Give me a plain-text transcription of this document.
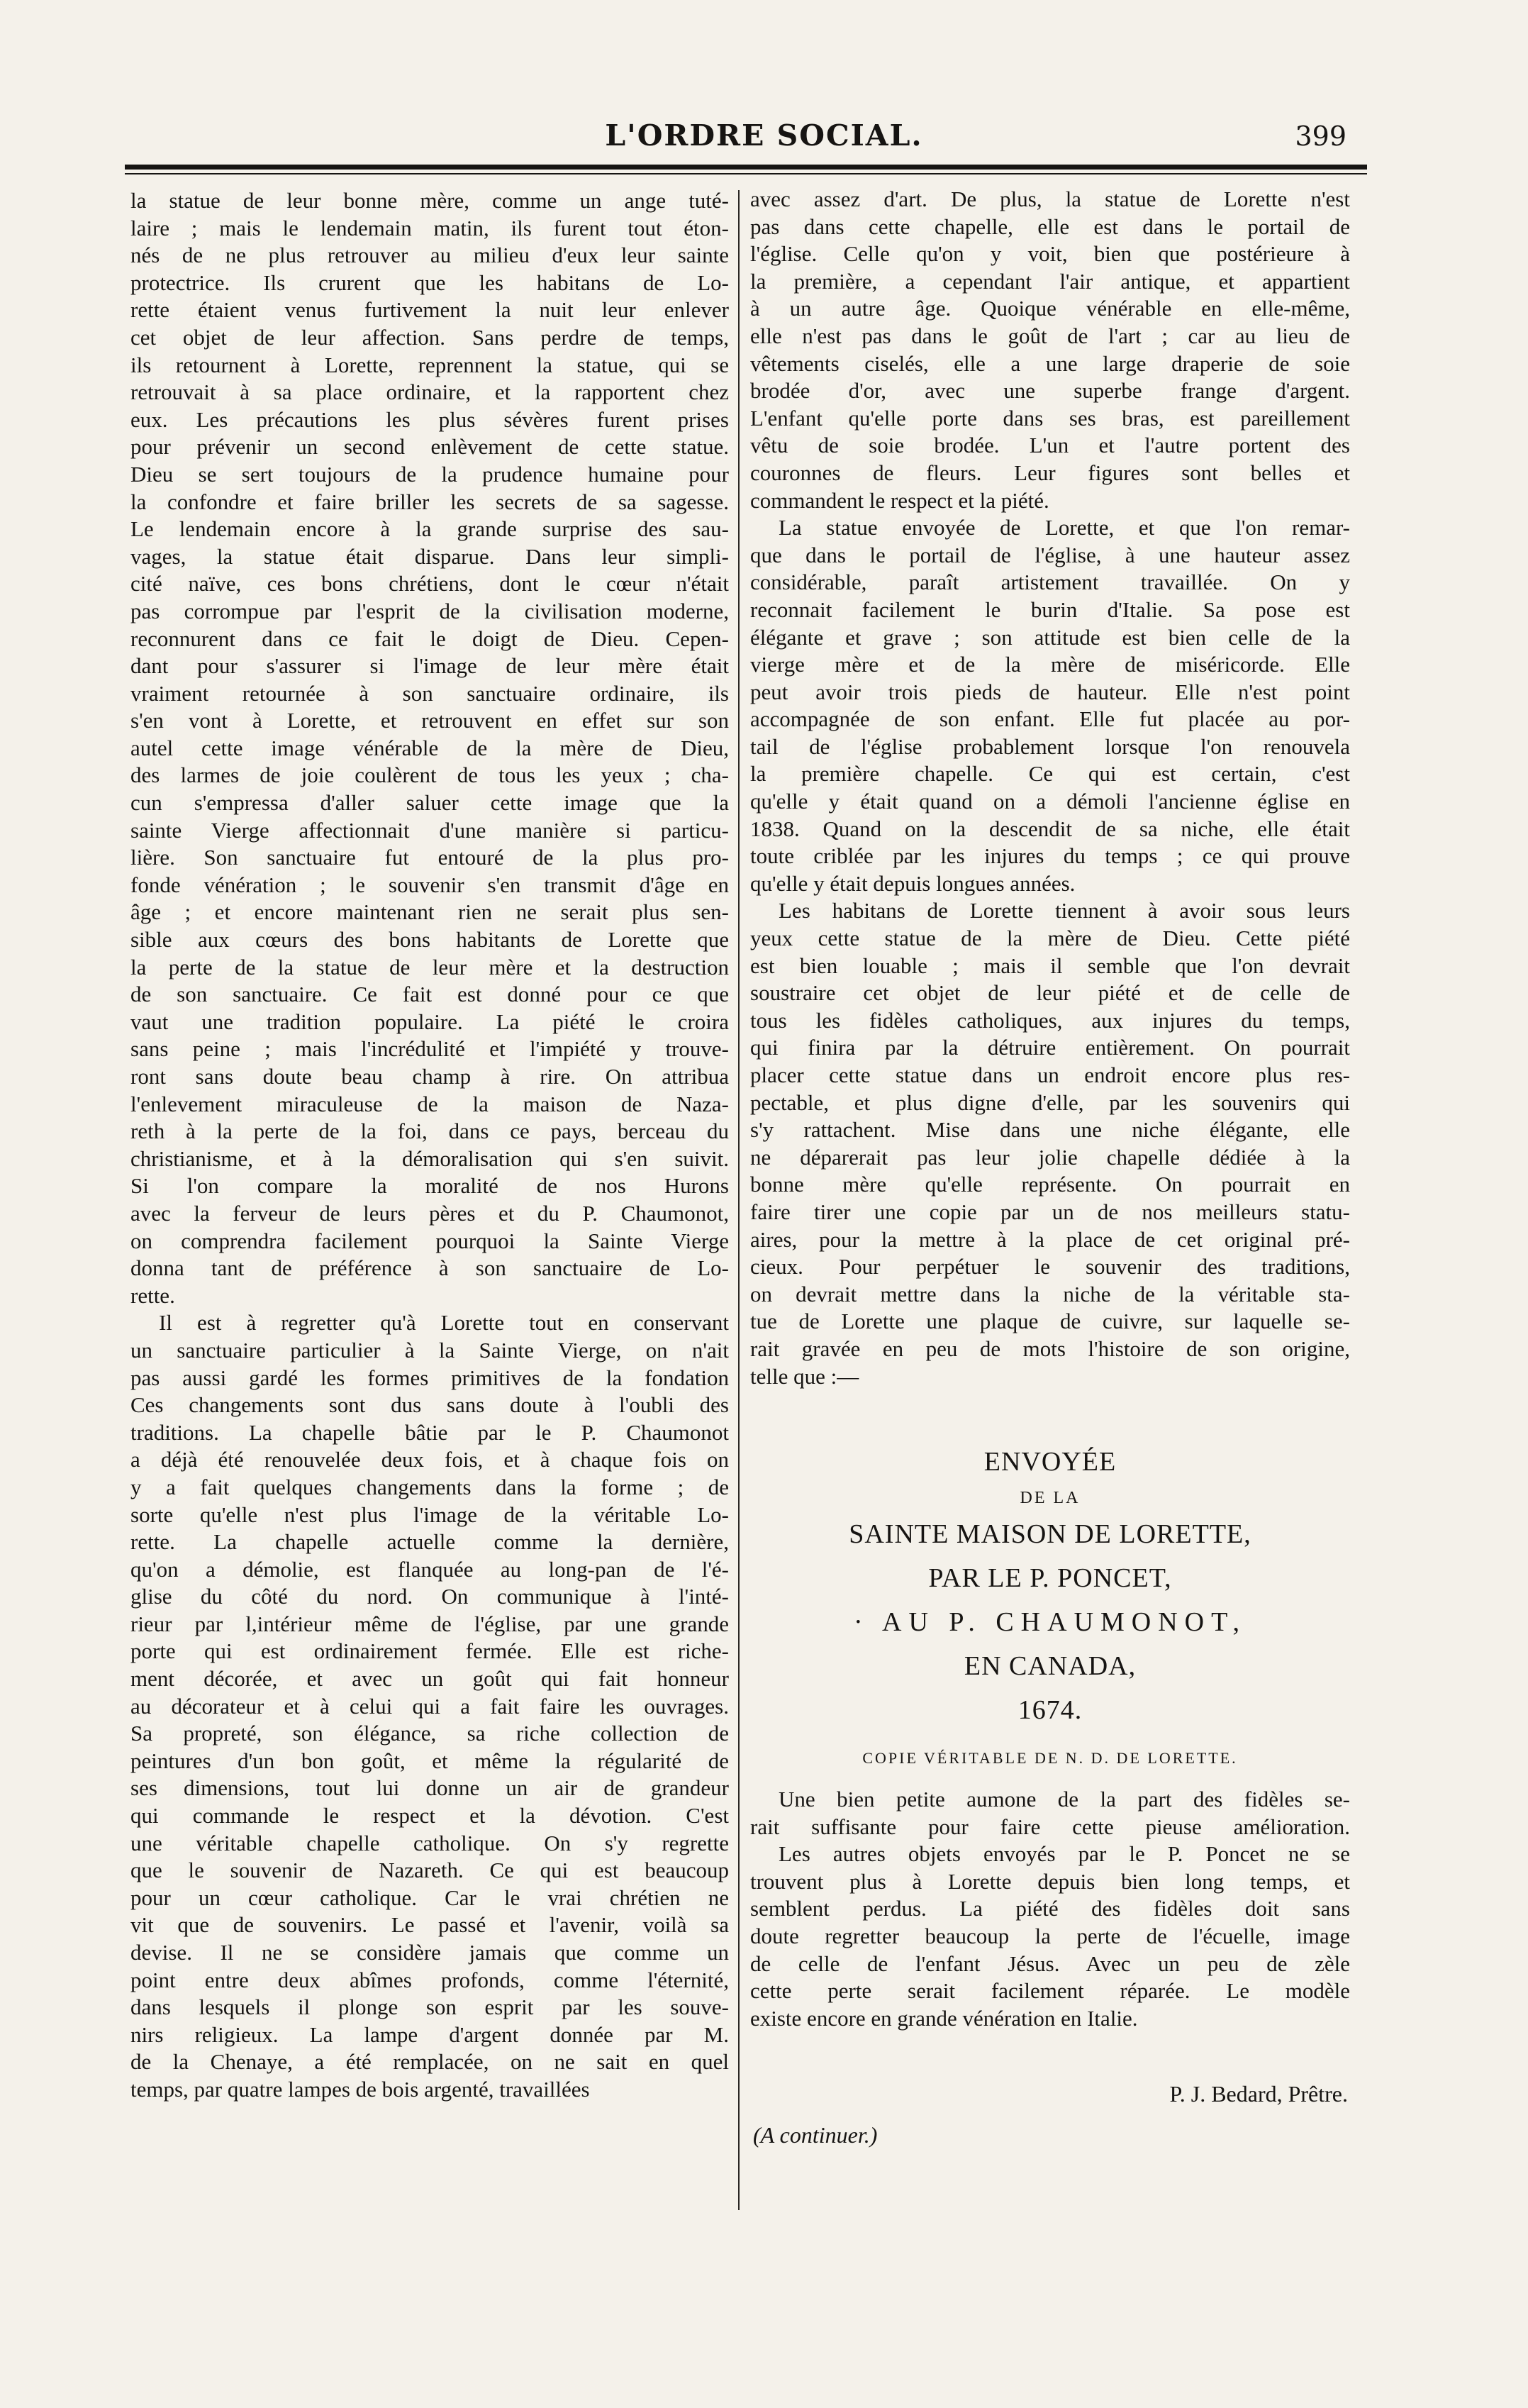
L'ORDRE SOCIAL.	399
la statue de leur bonne mère, comme un ange tuté-
laire ; mais le lendemain matin, ils furent tout éton-
nés de ne plus retrouver au milieu d'eux leur sainte
protectrice. Ils crurent que les habitans de Lo-
rette étaient venus furtivement la nuit leur enlever
cet objet de leur affection. Sans perdre de temps,
ils retournent à Lorette, reprennent la statue, qui se
retrouvait à sa place ordinaire, et la rapportent chez
eux. Les précautions les plus sévères furent prises
pour prévenir un second enlèvement de cette statue.
Dieu se sert toujours de la prudence humaine pour
la confondre et faire briller les secrets de sa sagesse.
Le lendemain encore à la grande surprise des sau-
vages, la statue était disparue. Dans leur simpli-
cité naïve, ces bons chrétiens, dont le cœur n'était
pas corrompue par l'esprit de la civilisation moderne,
reconnurent dans ce fait le doigt de Dieu. Cepen-
dant pour s'assurer si l'image de leur mère était
vraiment retournée à son sanctuaire ordinaire, ils
s'en vont à Lorette, et retrouvent en effet sur son
autel cette image vénérable de la mère de Dieu,
des larmes de joie coulèrent de tous les yeux ; cha-
cun s'empressa d'aller saluer cette image que la
sainte Vierge affectionnait d'une manière si particu-
lière. Son sanctuaire fut entouré de la plus pro-
fonde vénération ; le souvenir s'en transmit d'âge en
âge ; et encore maintenant rien ne serait plus sen-
sible aux cœurs des bons habitants de Lorette que
la perte de la statue de leur mère et la destruction
de son sanctuaire. Ce fait est donné pour ce que
vaut une tradition populaire. La piété le croira
sans peine ; mais l'incrédulité et l'impiété y trouve-
ront sans doute beau champ à rire. On attribua
l'enlevement miraculeuse de la maison de Naza-
reth à la perte de la foi, dans ce pays, berceau du
christianisme, et à la démoralisation qui s'en suivit.
Si l'on compare la moralité de nos Hurons
avec la ferveur de leurs pères et du P. Chaumonot,
on comprendra facilement pourquoi la Sainte Vierge
donna tant de préférence à son sanctuaire de Lo-
rette.
Il est à regretter qu'à Lorette tout en conservant
un sanctuaire particulier à la Sainte Vierge, on n'ait
pas aussi gardé les formes primitives de la fondation
Ces changements sont dus sans doute à l'oubli des
traditions. La chapelle bâtie par le P. Chaumonot
a déjà été renouvelée deux fois, et à chaque fois on
y a fait quelques changements dans la forme ; de
sorte qu'elle n'est plus l'image de la véritable Lo-
rette. La chapelle actuelle comme la dernière,
qu'on a démolie, est flanquée au long-pan de l'é-
glise du côté du nord. On communique à l'inté-
rieur par l,intérieur même de l'église, par une grande
porte qui est ordinairement fermée. Elle est riche-
ment décorée, et avec un goût qui fait honneur
au décorateur et à celui qui a fait faire les ouvrages.
Sa propreté, son élégance, sa riche collection de
peintures d'un bon goût, et même la régularité de
ses dimensions, tout lui donne un air de grandeur
qui commande le respect et la dévotion. C'est
une véritable chapelle catholique. On s'y regrette
que le souvenir de Nazareth. Ce qui est beaucoup
pour un cœur catholique. Car le vrai chrétien ne
vit que de souvenirs. Le passé et l'avenir, voilà sa
devise. Il ne se considère jamais que comme un
point entre deux abîmes profonds, comme l'éternité,
dans lesquels il plonge son esprit par les souve-
nirs religieux. La lampe d'argent donnée par M.
de la Chenaye, a été remplacée, on ne sait en quel
temps, par quatre lampes de bois argenté, travaillées
avec assez d'art. De plus, la statue de Lorette n'est
pas dans cette chapelle, elle est dans le portail de
l'église. Celle qu'on y voit, bien que postérieure à
la première, a cependant l'air antique, et appartient
à un autre âge. Quoique vénérable en elle-même,
elle n'est pas dans le goût de l'art ; car au lieu de
vêtements ciselés, elle a une large draperie de soie
brodée d'or, avec une superbe frange d'argent.
L'enfant qu'elle porte dans ses bras, est pareillement
vêtu de soie brodée. L'un et l'autre portent des
couronnes de fleurs. Leur figures sont belles et
commandent le respect et la piété.
La statue envoyée de Lorette, et que l'on remar-
que dans le portail de l'église, à une hauteur assez
considérable, paraît artistement travaillée. On y
reconnait facilement le burin d'Italie. Sa pose est
élégante et grave ; son attitude est bien celle de la
vierge mère et de la mère de miséricorde. Elle
peut avoir trois pieds de hauteur. Elle n'est point
accompagnée de son enfant. Elle fut placée au por-
tail de l'église probablement lorsque l'on renouvela
la première chapelle. Ce qui est certain, c'est
qu'elle y était quand on a démoli l'ancienne église en
1838. Quand on la descendit de sa niche, elle était
toute criblée par les injures du temps ; ce qui prouve
qu'elle y était depuis longues années.
Les habitans de Lorette tiennent à avoir sous leurs
yeux cette statue de la mère de Dieu. Cette piété
est bien louable ; mais il semble que l'on devrait
soustraire cet objet de leur piété et de celle de
tous les fidèles catholiques, aux injures du temps,
qui finira par la détruire entièrement. On pourrait
placer cette statue dans un endroit encore plus res-
pectable, et plus digne d'elle, par les souvenirs qui
s'y rattachent. Mise dans une niche élégante, elle
ne déparerait pas leur jolie chapelle dédiée à la
bonne mère qu'elle représente. On pourrait en
faire tirer une copie par un de nos meilleurs statu-
aires, pour la mettre à la place de cet original pré-
cieux. Pour perpétuer le souvenir des traditions,
on devrait mettre dans la niche de la véritable sta-
tue de Lorette une plaque de cuivre, sur laquelle se-
rait gravée en peu de mots l'histoire de son origine,
telle que :—
ENVOYÉE
DE LA
SAINTE MAISON DE LORETTE,
PAR LE P. PONCET,
· AU P. CHAUMONOT,
EN CANADA,
1674.
COPIE VÉRITABLE DE N. D. DE LORETTE.
Une bien petite aumone de la part des fidèles se-
rait suffisante pour faire cette pieuse amélioration.
Les autres objets envoyés par le P. Poncet ne se
trouvent plus à Lorette depuis bien long temps, et
semblent perdus. La piété des fidèles doit sans
doute regretter beaucoup la perte de l'écuelle, image
de celle de l'enfant Jésus. Avec un peu de zèle
cette perte serait facilement réparée. Le modèle
existe encore en grande vénération en Italie.
P. J. Bedard, Prêtre.
(A continuer.)
